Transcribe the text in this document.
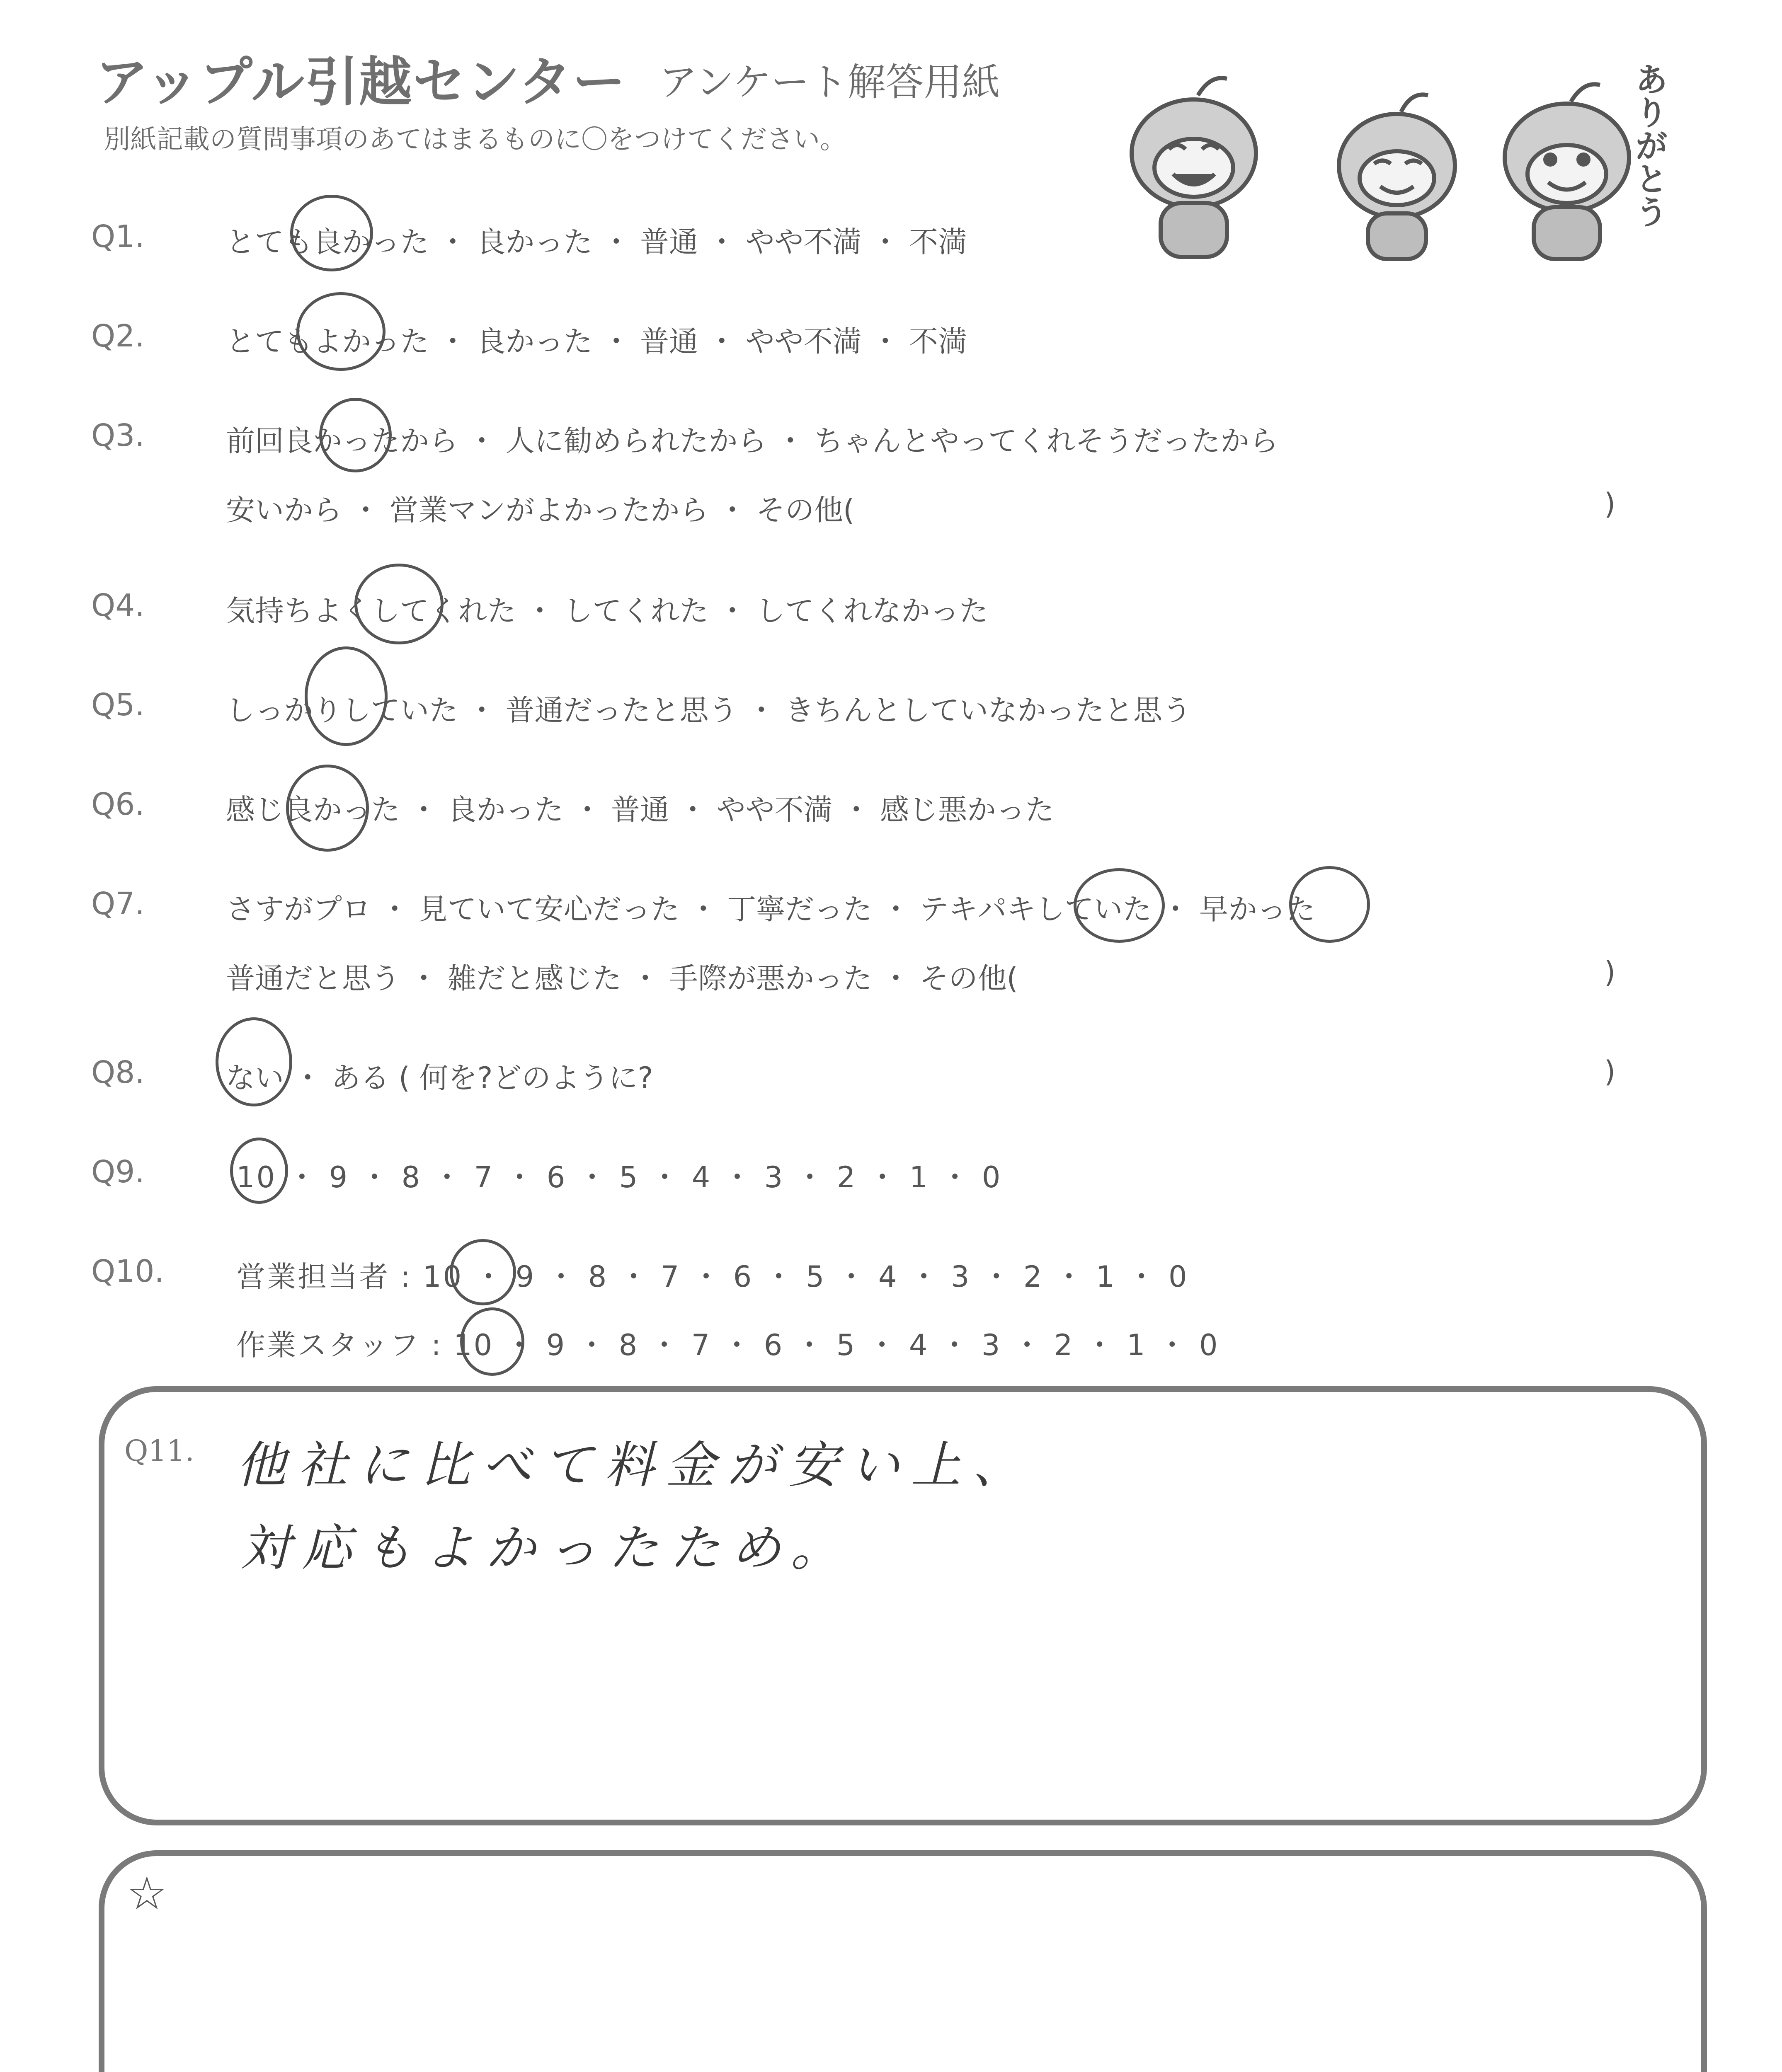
アップル引越センター アンケート解答用紙
別紙記載の質問事項のあてはまるものに〇をつけてください。	ありがとう
Q1.	とても良かった ・ 良かった ・ 普通 ・ やや不満 ・ 不満
Q2.	とてもよかった ・ 良かった ・ 普通 ・ やや不満 ・ 不満
Q3.	前回良かったから ・ 人に勧められたから ・ ちゃんとやってくれそうだったから
安いから ・ 営業マンがよかったから ・ その他(	)
Q4.	気持ちよくしてくれた ・ してくれた ・ してくれなかった
Q5.	しっかりしていた ・ 普通だったと思う ・ きちんとしていなかったと思う
Q6.	感じ良かった ・ 良かった ・ 普通 ・ やや不満 ・ 感じ悪かった
Q7.	さすがプロ ・ 見ていて安心だった ・ 丁寧だった ・ テキパキしていた ・ 早かった
普通だと思う ・ 雑だと感じた ・ 手際が悪かった ・ その他(	)
Q8.	ない ・ ある ( 何を?どのように?	)
Q9.	10 ・ 9 ・ 8 ・ 7 ・ 6 ・ 5 ・ 4 ・ 3 ・ 2 ・ 1 ・ 0
Q10. 営業担当者 : 10 ・ 9 ・ 8 ・ 7 ・ 6 ・ 5 ・ 4 ・ 3 ・ 2 ・ 1 ・ 0
作業スタッフ : 10 ・ 9 ・ 8 ・ 7 ・ 6 ・ 5 ・ 4 ・ 3 ・ 2 ・ 1 ・ 0
Q11. 他社に比べて料金が安い上、
対応もよかったため。
☆
